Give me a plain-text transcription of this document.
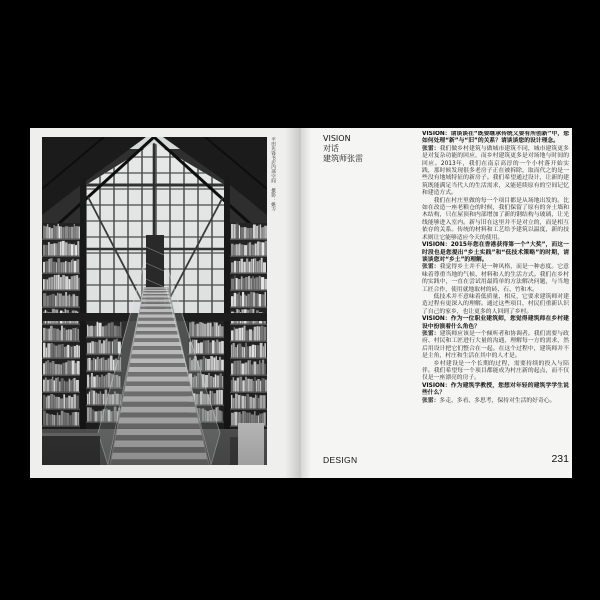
平田先锋书店内部空间 摄影：姚力
VISION
对话
建筑师张雷

VISION：请谈谈在“既要继承传统又要有所创新”中，您如何处理“新”与“旧”的关系？请谈谈您的设计理念。

张雷：我们做乡村建筑与做城市建筑不同，城市建筑更多是对复杂功能的回应，而乡村建筑更多是对场地与时间的回应。2013年，我们在南京高淳的一个小村落开始实践，那时候发现很多老房子正在被拆除，取而代之的是一些没有地域特征的新房子。我们希望通过设计，让新的建筑既能满足当代人的生活需求，又能延续原有的空间记忆和建造方式。

我们在村庄里做的每一个项目都是从场地出发的。比如在改造一座老粮仓的时候，我们保留了原有的夯土墙和木结构，只在屋顶和内部增加了新的钢结构与玻璃，让光线能够进入室内。新与旧在这里并不是对立的，而是相互依存的关系。传统的材料和工艺给予建筑以温度，新的技术则让它能够适应今天的使用。

VISION：2015年您在香港获得第一个“大奖”，而这一时段也是您提出“乡土实践”和“低技术策略”的时期，请谈谈您对“乡土”的理解。

张雷：我觉得乡土并不是一种风格，而是一种态度。它意味着尊重当地的气候、材料和人的生活方式。我们在乡村的实践中，一直在尝试用最简单的方法解决问题，与当地工匠合作，使用就地取材的砖、石、竹和木。

低技术并不意味着低质量，相反，它要求建筑师对建造过程有更深入的理解。通过这些项目，村民们重新认识了自己的家乡，也让更多的人回到了乡村。

VISION：作为一位职业建筑师，您觉得建筑师在乡村建设中扮演着什么角色？

张雷：建筑师应该是一个倾听者和协调者。我们需要与政府、村民和工匠进行大量的沟通，理解每一方的需求，然后用设计把它们整合在一起。在这个过程中，建筑师并不是主角，村庄和生活在其中的人才是。

乡村建设是一个长期的过程，需要持续的投入与陪伴。我们希望每一个项目都能成为村庄新的起点，而不仅仅是一座漂亮的房子。

VISION：作为建筑学教授，您想对年轻的建筑学学生说些什么？

张雷：多走、多看、多思考，保持对生活的好奇心。

DESIGN	231
